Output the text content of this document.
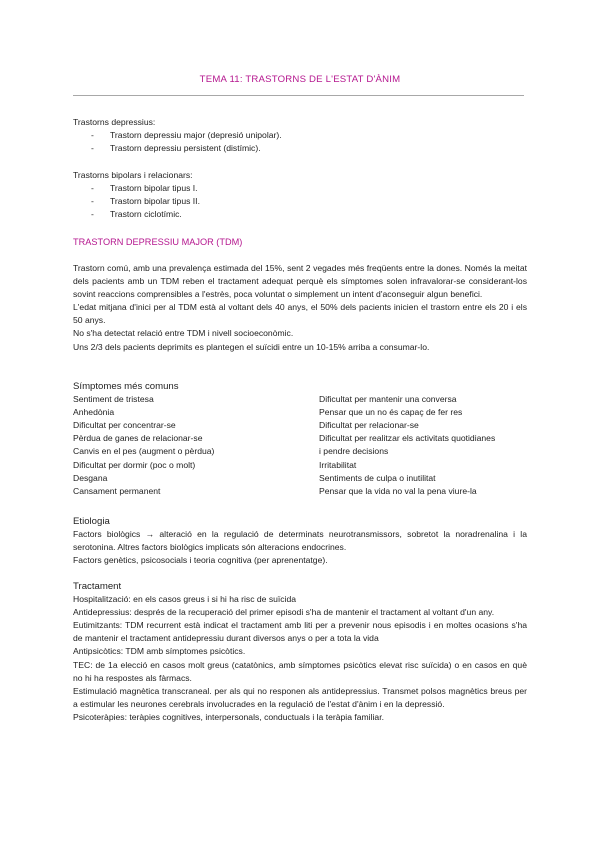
TEMA 11: TRASTORNS DE L'ESTAT D'ÀNIM
Trastorns depressius:
- Trastorn depressiu major (depresió unipolar).
- Trastorn depressiu persistent (distímic).
Trastorns bipolars i relacionars:
- Trastorn bipolar tipus I.
- Trastorn bipolar tipus II.
- Trastorn ciclotímic.
TRASTORN DEPRESSIU MAJOR (TDM)

Trastorn comú, amb una prevalença estimada del 15%, sent 2 vegades més freqüents entre la dones. Només la meitat dels pacients amb un TDM reben el tractament adequat perquè els símptomes solen infravalorar-se considerant-los sovint reaccions comprensibles a l'estrès, poca voluntat o simplement un intent d'aconseguir algun benefici.

L'edat mitjana d'inici per al TDM està al voltant dels 40 anys, el 50% dels pacients inicien el trastorn entre els 20 i els 50 anys.

No s'ha detectat relació entre TDM i nivell socioeconòmic.

Uns 2/3 dels pacients deprimits es plantegen el suïcidi entre un 10-15% arriba a consumar-lo.

Símptomes més comuns
Sentiment de tristesa
Anhedònia
Dificultat per concentrar-se
Pèrdua de ganes de relacionar-se
Canvis en el pes (augment o pèrdua)
Dificultat per dormir (poc o molt)
Desgana
Cansament permanent
Dificultat per mantenir una conversa
Pensar que un no és capaç de fer res
Dificultat per relacionar-se
Dificultat per realitzar els activitats quotidianes
i pendre decisions
Irritabilitat
Sentiments de culpa o inutilitat
Pensar que la vida no val la pena viure-la
Etiologia

Factors biològics → alteració en la regulació de determinats neurotransmissors, sobretot la noradrenalina i la serotonina. Altres factors biològics implicats són alteracions endocrines.

Factors genètics, psicosocials i teoria cognitiva (per aprenentatge).

Tractament

Hospitalització: en els casos greus i si hi ha risc de suïcida

Antidepressius: després de la recuperació del primer episodi s'ha de mantenir el tractament al voltant d'un any.

Eutimitzants: TDM recurrent està indicat el tractament amb liti per a prevenir nous episodis i en moltes ocasions s'ha de mantenir el tractament antidepressiu durant diversos anys o per a tota la vida

Antipsicòtics: TDM amb símptomes psicòtics.

TEC: de 1a elecció en casos molt greus (catatònics, amb símptomes psicòtics elevat risc suïcida) o en casos en què no hi ha respostes als fàrmacs.

Estimulació magnètica transcraneal. per als qui no responen als antidepressius. Transmet polsos magnètics breus per a estimular les neurones cerebrals involucrades en la regulació de l'estat d'ànim i en la depressió.

Psicoteràpies: teràpies cognitives, interpersonals, conductuals i la teràpia familiar.
